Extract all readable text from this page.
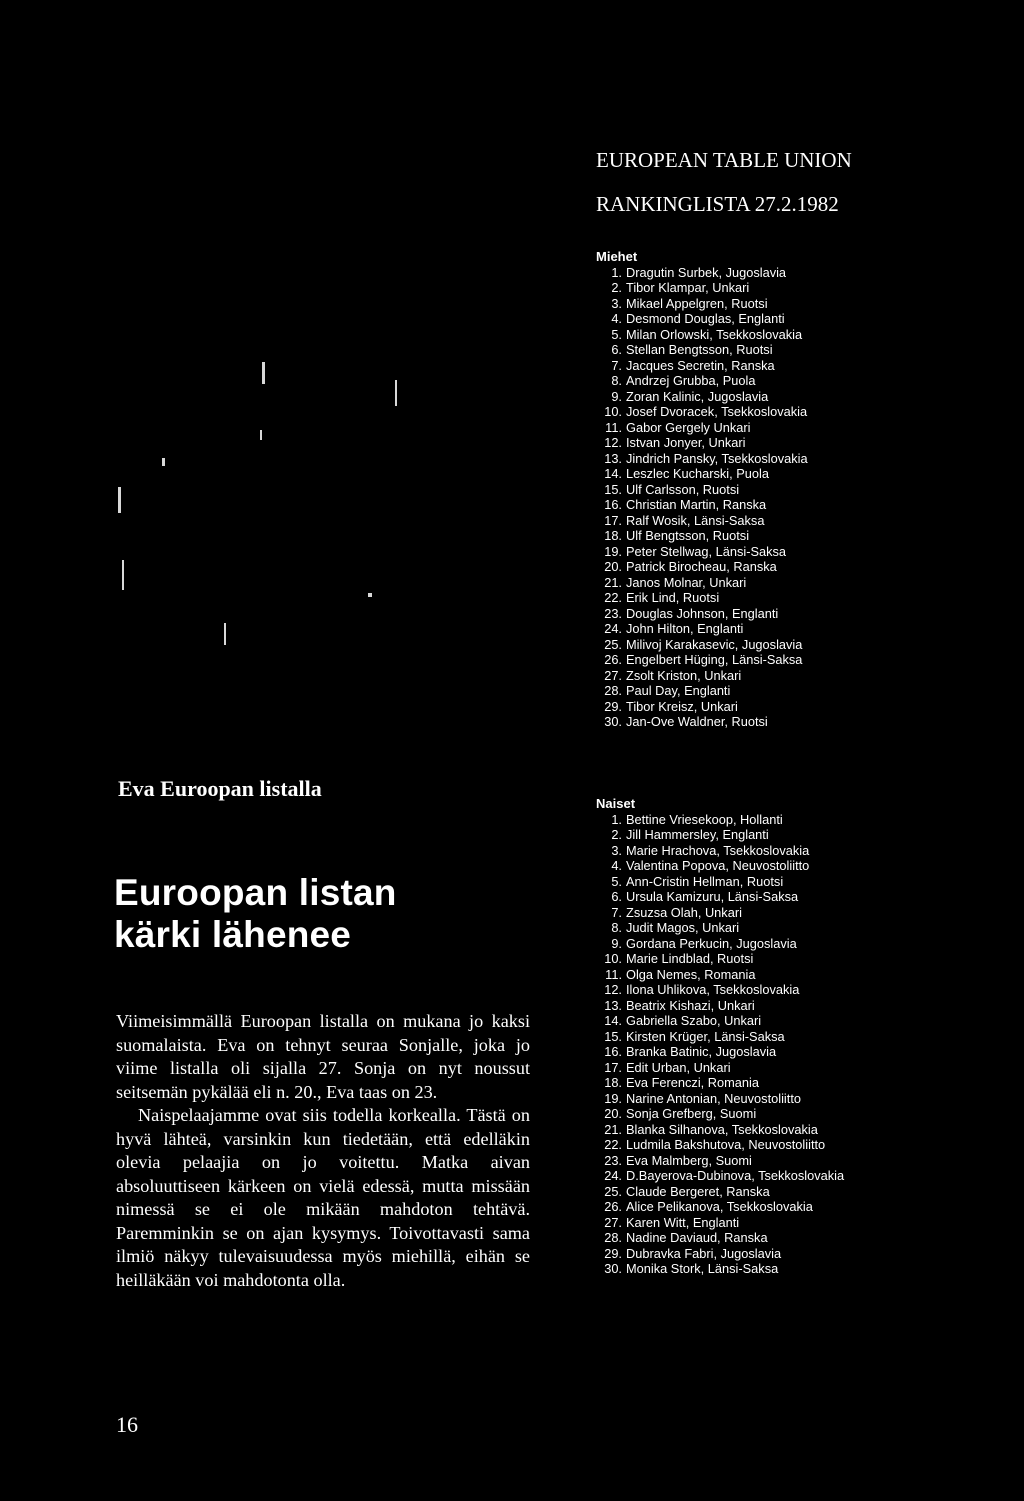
Eva Euroopan listalla
Euroopan listan
kärki lähenee

Viimeisimmällä Euroopan listalla on mukana jo kaksi suomalaista. Eva on tehnyt seuraa Sonjalle, joka jo viime listalla oli sijalla 27. Sonja on nyt noussut seitsemän pykälää eli n. 20., Eva taas on 23.

Naispelaajamme ovat siis todella korkealla. Tästä on hyvä lähteä, varsinkin kun tiedetään, että edelläkin olevia pelaajia on jo voitettu. Matka aivan absoluuttiseen kärkeen on vielä edessä, mutta missään nimessä se ei ole mikään mahdoton tehtävä. Paremminkin se on ajan kysymys. Toivottavasti sama ilmiö näkyy tulevaisuudessa myös miehillä, eihän se heilläkään voi mahdotonta olla.

16
EUROPEAN TABLE UNION
RANKINGLISTA 27.2.1982
Miehet
1. Dragutin Surbek, Jugoslavia
2. Tibor Klampar, Unkari
3. Mikael Appelgren, Ruotsi
4. Desmond Douglas, Englanti
5. Milan Orlowski, Tsekkoslovakia
6. Stellan Bengtsson, Ruotsi
7. Jacques Secretin, Ranska
8. Andrzej Grubba, Puola
9. Zoran Kalinic, Jugoslavia
10. Josef Dvoracek, Tsekkoslovakia
11. Gabor Gergely Unkari
12. Istvan Jonyer, Unkari
13. Jindrich Pansky, Tsekkoslovakia
14. Leszlec Kucharski, Puola
15. Ulf Carlsson, Ruotsi
16. Christian Martin, Ranska
17. Ralf Wosik, Länsi-Saksa
18. Ulf Bengtsson, Ruotsi
19. Peter Stellwag, Länsi-Saksa
20. Patrick Birocheau, Ranska
21. Janos Molnar, Unkari
22. Erik Lind, Ruotsi
23. Douglas Johnson, Englanti
24. John Hilton, Englanti
25. Milivoj Karakasevic, Jugoslavia
26. Engelbert Hüging, Länsi-Saksa
27. Zsolt Kriston, Unkari
28. Paul Day, Englanti
29. Tibor Kreisz, Unkari
30. Jan-Ove Waldner, Ruotsi
Naiset
1. Bettine Vriesekoop, Hollanti
2. Jill Hammersley, Englanti
3. Marie Hrachova, Tsekkoslovakia
4. Valentina Popova, Neuvostoliitto
5. Ann-Cristin Hellman, Ruotsi
6. Ursula Kamizuru, Länsi-Saksa
7. Zsuzsa Olah, Unkari
8. Judit Magos, Unkari
9. Gordana Perkucin, Jugoslavia
10. Marie Lindblad, Ruotsi
11. Olga Nemes, Romania
12. Ilona Uhlikova, Tsekkoslovakia
13. Beatrix Kishazi, Unkari
14. Gabriella Szabo, Unkari
15. Kirsten Krüger, Länsi-Saksa
16. Branka Batinic, Jugoslavia
17. Edit Urban, Unkari
18. Eva Ferenczi, Romania
19. Narine Antonian, Neuvostoliitto
20. Sonja Grefberg, Suomi
21. Blanka Silhanova, Tsekkoslovakia
22. Ludmila Bakshutova, Neuvostoliitto
23. Eva Malmberg, Suomi
24. D.Bayerova-Dubinova, Tsekkoslovakia
25. Claude Bergeret, Ranska
26. Alice Pelikanova, Tsekkoslovakia
27. Karen Witt, Englanti
28. Nadine Daviaud, Ranska
29. Dubravka Fabri, Jugoslavia
30. Monika Stork, Länsi-Saksa
